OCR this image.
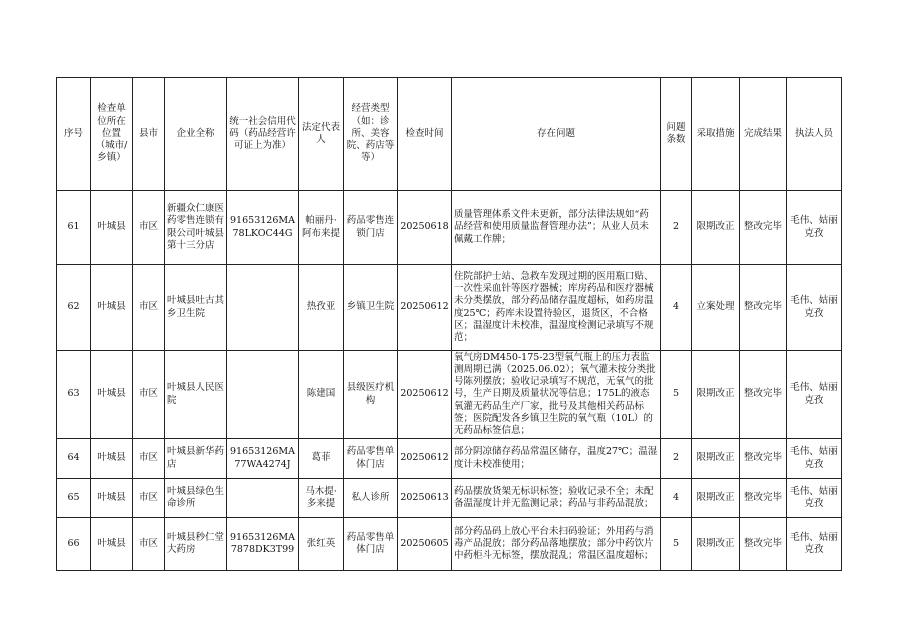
序号	检查单位所在位置（城市/乡镇）	县市	企业全称	统一社会信用代码（药品经营许可证上为准）	法定代表人	经营类型（如：诊所、美容院、药店等等）	检查时间	存在问题	问题条数	采取措施	完成结果	执法人员
61	叶城县	市区	新疆众仁康医药零售连锁有限公司叶城县第十三分店	91653126MA78LKOC44G	帕丽丹·阿布来提	药品零售连锁门店	20250618	质量管理体系文件未更新，部分法律法规如“药品经营和使用质量监督管理办法”；从业人员未佩戴工作牌；	2	限期改正	整改完毕	毛伟、姑丽克孜
62	叶城县	市区	叶城县吐古其乡卫生院		热孜亚	乡镇卫生院	20250612	住院部护士站、急救车发现过期的医用瓶口贴、一次性采血针等医疗器械；库房药品和医疗器械未分类摆放，部分药品储存温度超标，如药房温度25℃；药库未设置待验区，退货区，不合格区；温湿度计未校准，温湿度检测记录填写不规范；	4	立案处理	整改完毕	毛伟、姑丽克孜
63	叶城县	市区	叶城县人民医院		陈建国	县级医疗机构	20250612	氧气房DM450-175-23型氧气瓶上的压力表监测周期已满（2025.06.02）；氧气灌未按分类批号陈列摆放；验收记录填写不规范，无氧气的批号，生产日期及质量状况等信息；175L的液态氧灌无药品生产厂家，批号及其他相关药品标签；医院配发各乡镇卫生院的氧气瓶（10L）的无药品标签信息；	5	限期改正	整改完毕	毛伟、姑丽克孜
64	叶城县	市区	叶城县新华药店	91653126MA77WA4274J	葛菲	药品零售单体门店	20250612	部分阴凉储存药品常温区储存，温度27℃；温湿度计未校准使用；	2	限期改正	整改完毕	毛伟、姑丽克孜
65	叶城县	市区	叶城县绿色生命诊所		马木提·多来提	私人诊所	20250613	药品摆放货架无标识标签；验收记录不全；未配备温湿度计并无监测记录；药品与非药品混放；	4	限期改正	整改完毕	毛伟、姑丽克孜
66	叶城县	市区	叶城县秒仁堂大药房	91653126MA7878DK3T99	张红英	药品零售单体门店	20250605	部分药品码上放心平台未扫码验证；外用药与消毒产品混放；部分药品落地摆放；部分中药饮片中药柜斗无标签，摆放混乱；常温区温度超标；	5	限期改正	整改完毕	毛伟、姑丽克孜
